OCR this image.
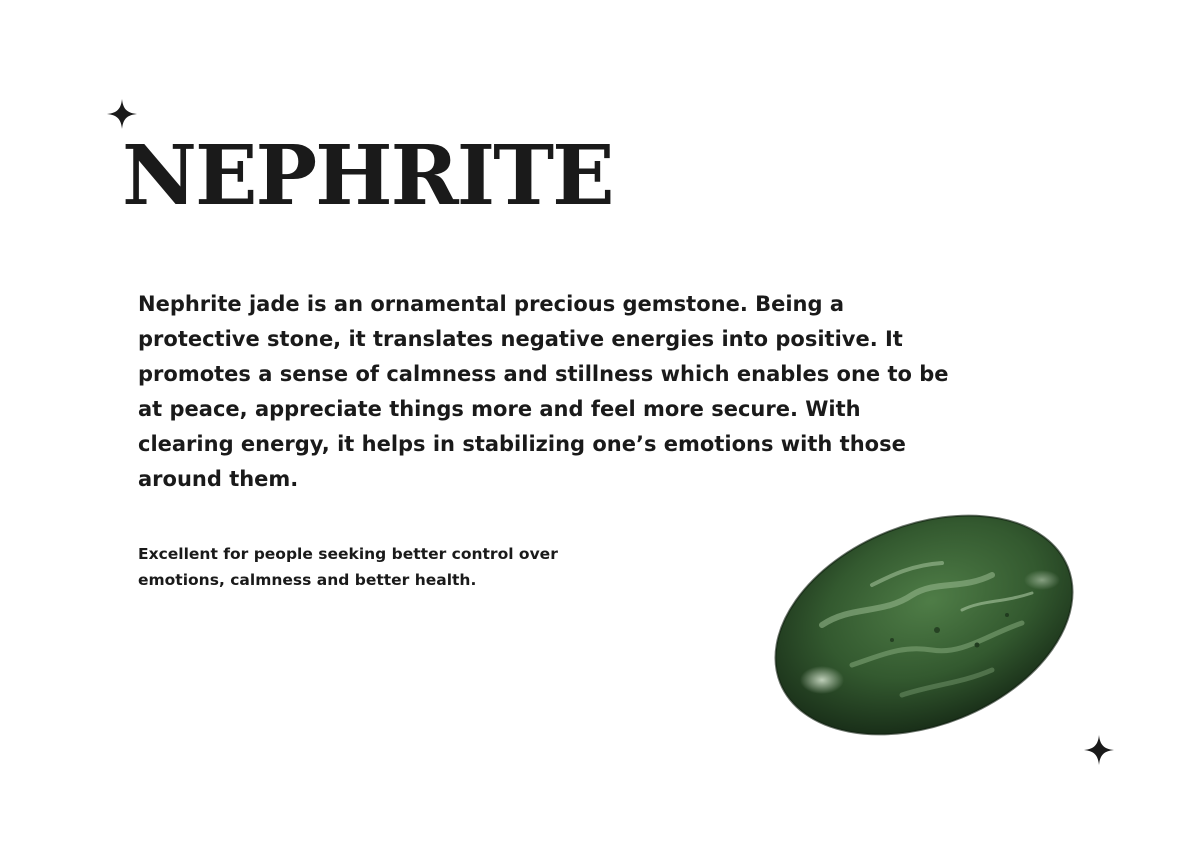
NEPHRITE

Nephrite jade is an ornamental precious gemstone. Being a protective stone, it translates negative energies into positive. It promotes a sense of calmness and stillness which enables one to be at peace, appreciate things more and feel more secure. With clearing energy, it helps in stabilizing one’s emotions with those around them.

Excellent for people seeking better control over emotions, calmness and better health.
